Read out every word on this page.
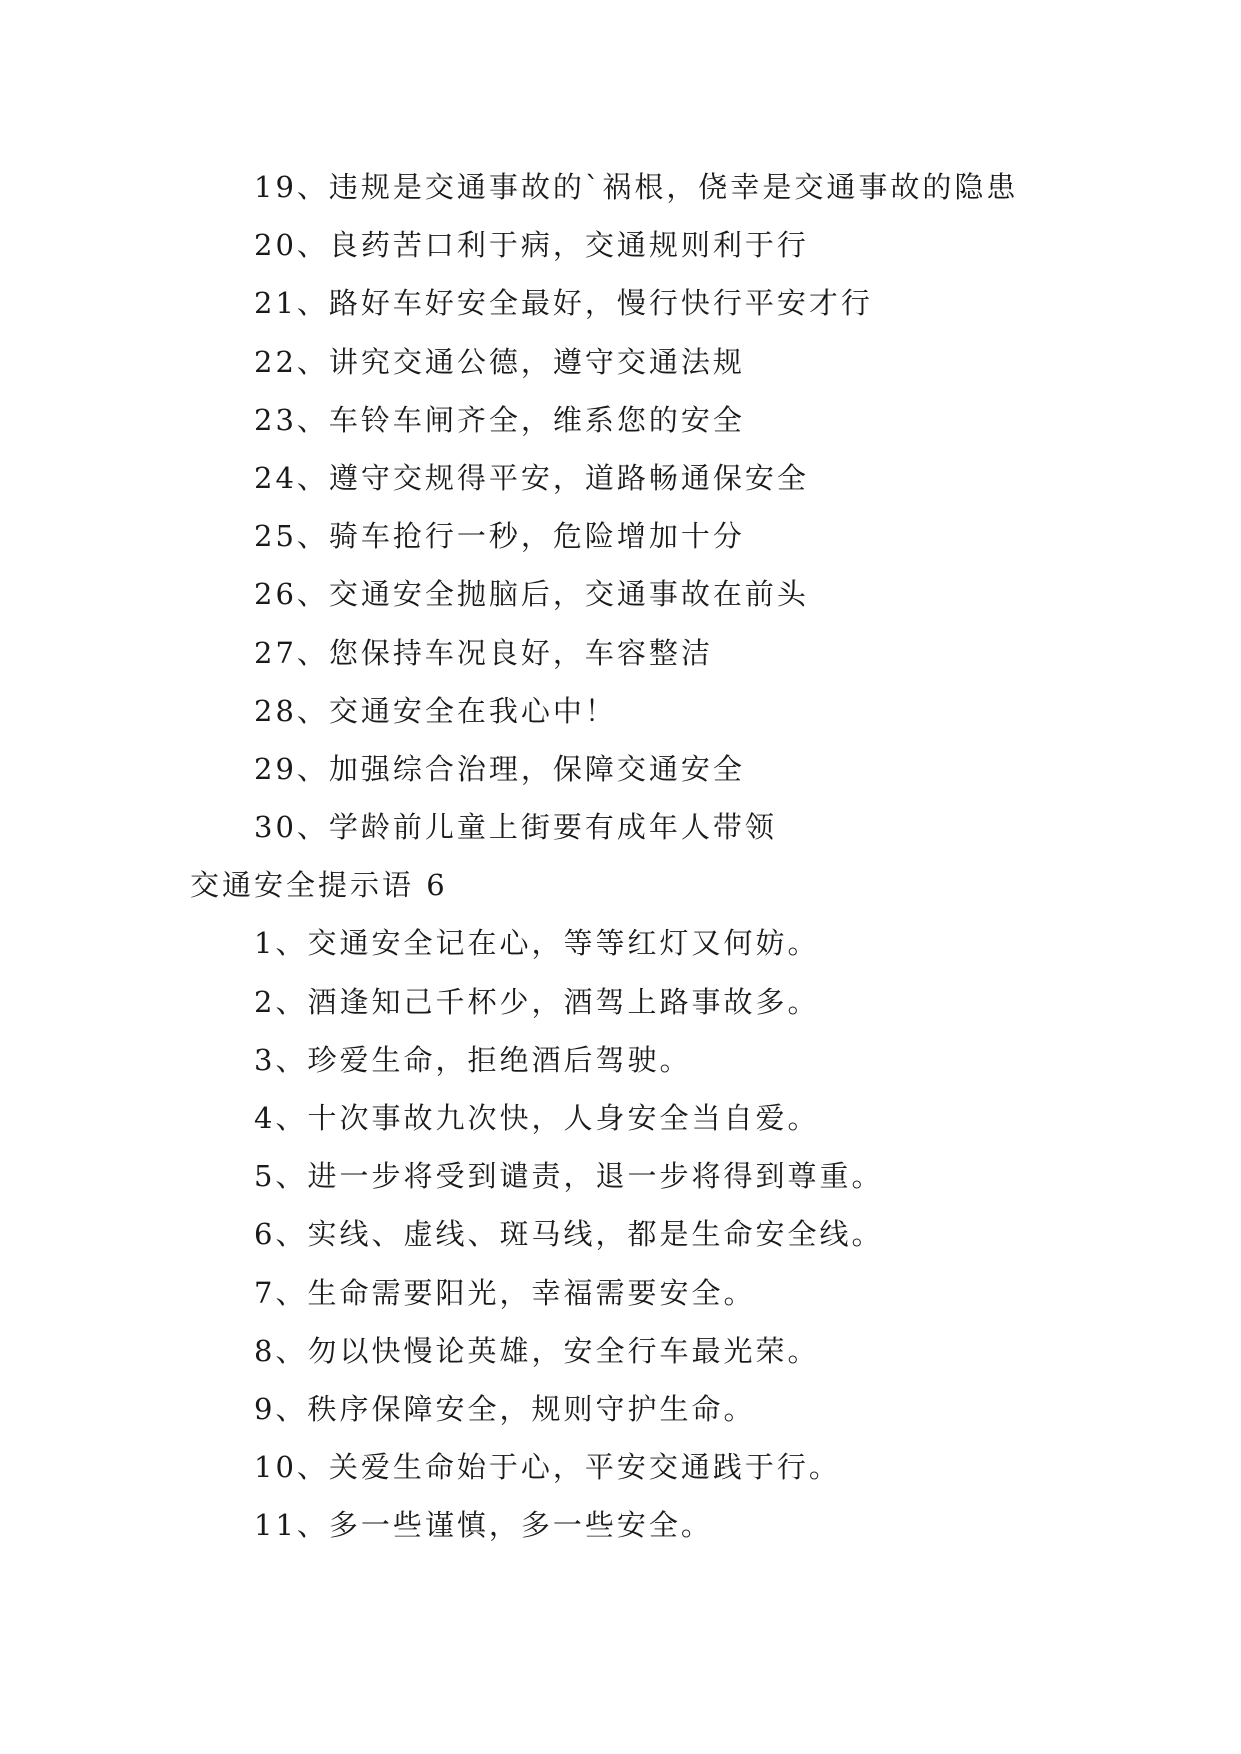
19、违规是交通事故的`祸根，侥幸是交通事故的隐患
20、良药苦口利于病，交通规则利于行
21、路好车好安全最好，慢行快行平安才行
22、讲究交通公德，遵守交通法规
23、车铃车闸齐全，维系您的安全
24、遵守交规得平安，道路畅通保安全
25、骑车抢行一秒，危险增加十分
26、交通安全抛脑后，交通事故在前头
27、您保持车况良好，车容整洁
28、交通安全在我心中！
29、加强综合治理，保障交通安全
30、学龄前儿童上街要有成年人带领
交通安全提示语 6
1、交通安全记在心，等等红灯又何妨。
2、酒逢知己千杯少，酒驾上路事故多。
3、珍爱生命，拒绝酒后驾驶。
4、十次事故九次快，人身安全当自爱。
5、进一步将受到谴责，退一步将得到尊重。
6、实线、虚线、斑马线，都是生命安全线。
7、生命需要阳光，幸福需要安全。
8、勿以快慢论英雄，安全行车最光荣。
9、秩序保障安全，规则守护生命。
10、关爱生命始于心，平安交通践于行。
11、多一些谨慎，多一些安全。
